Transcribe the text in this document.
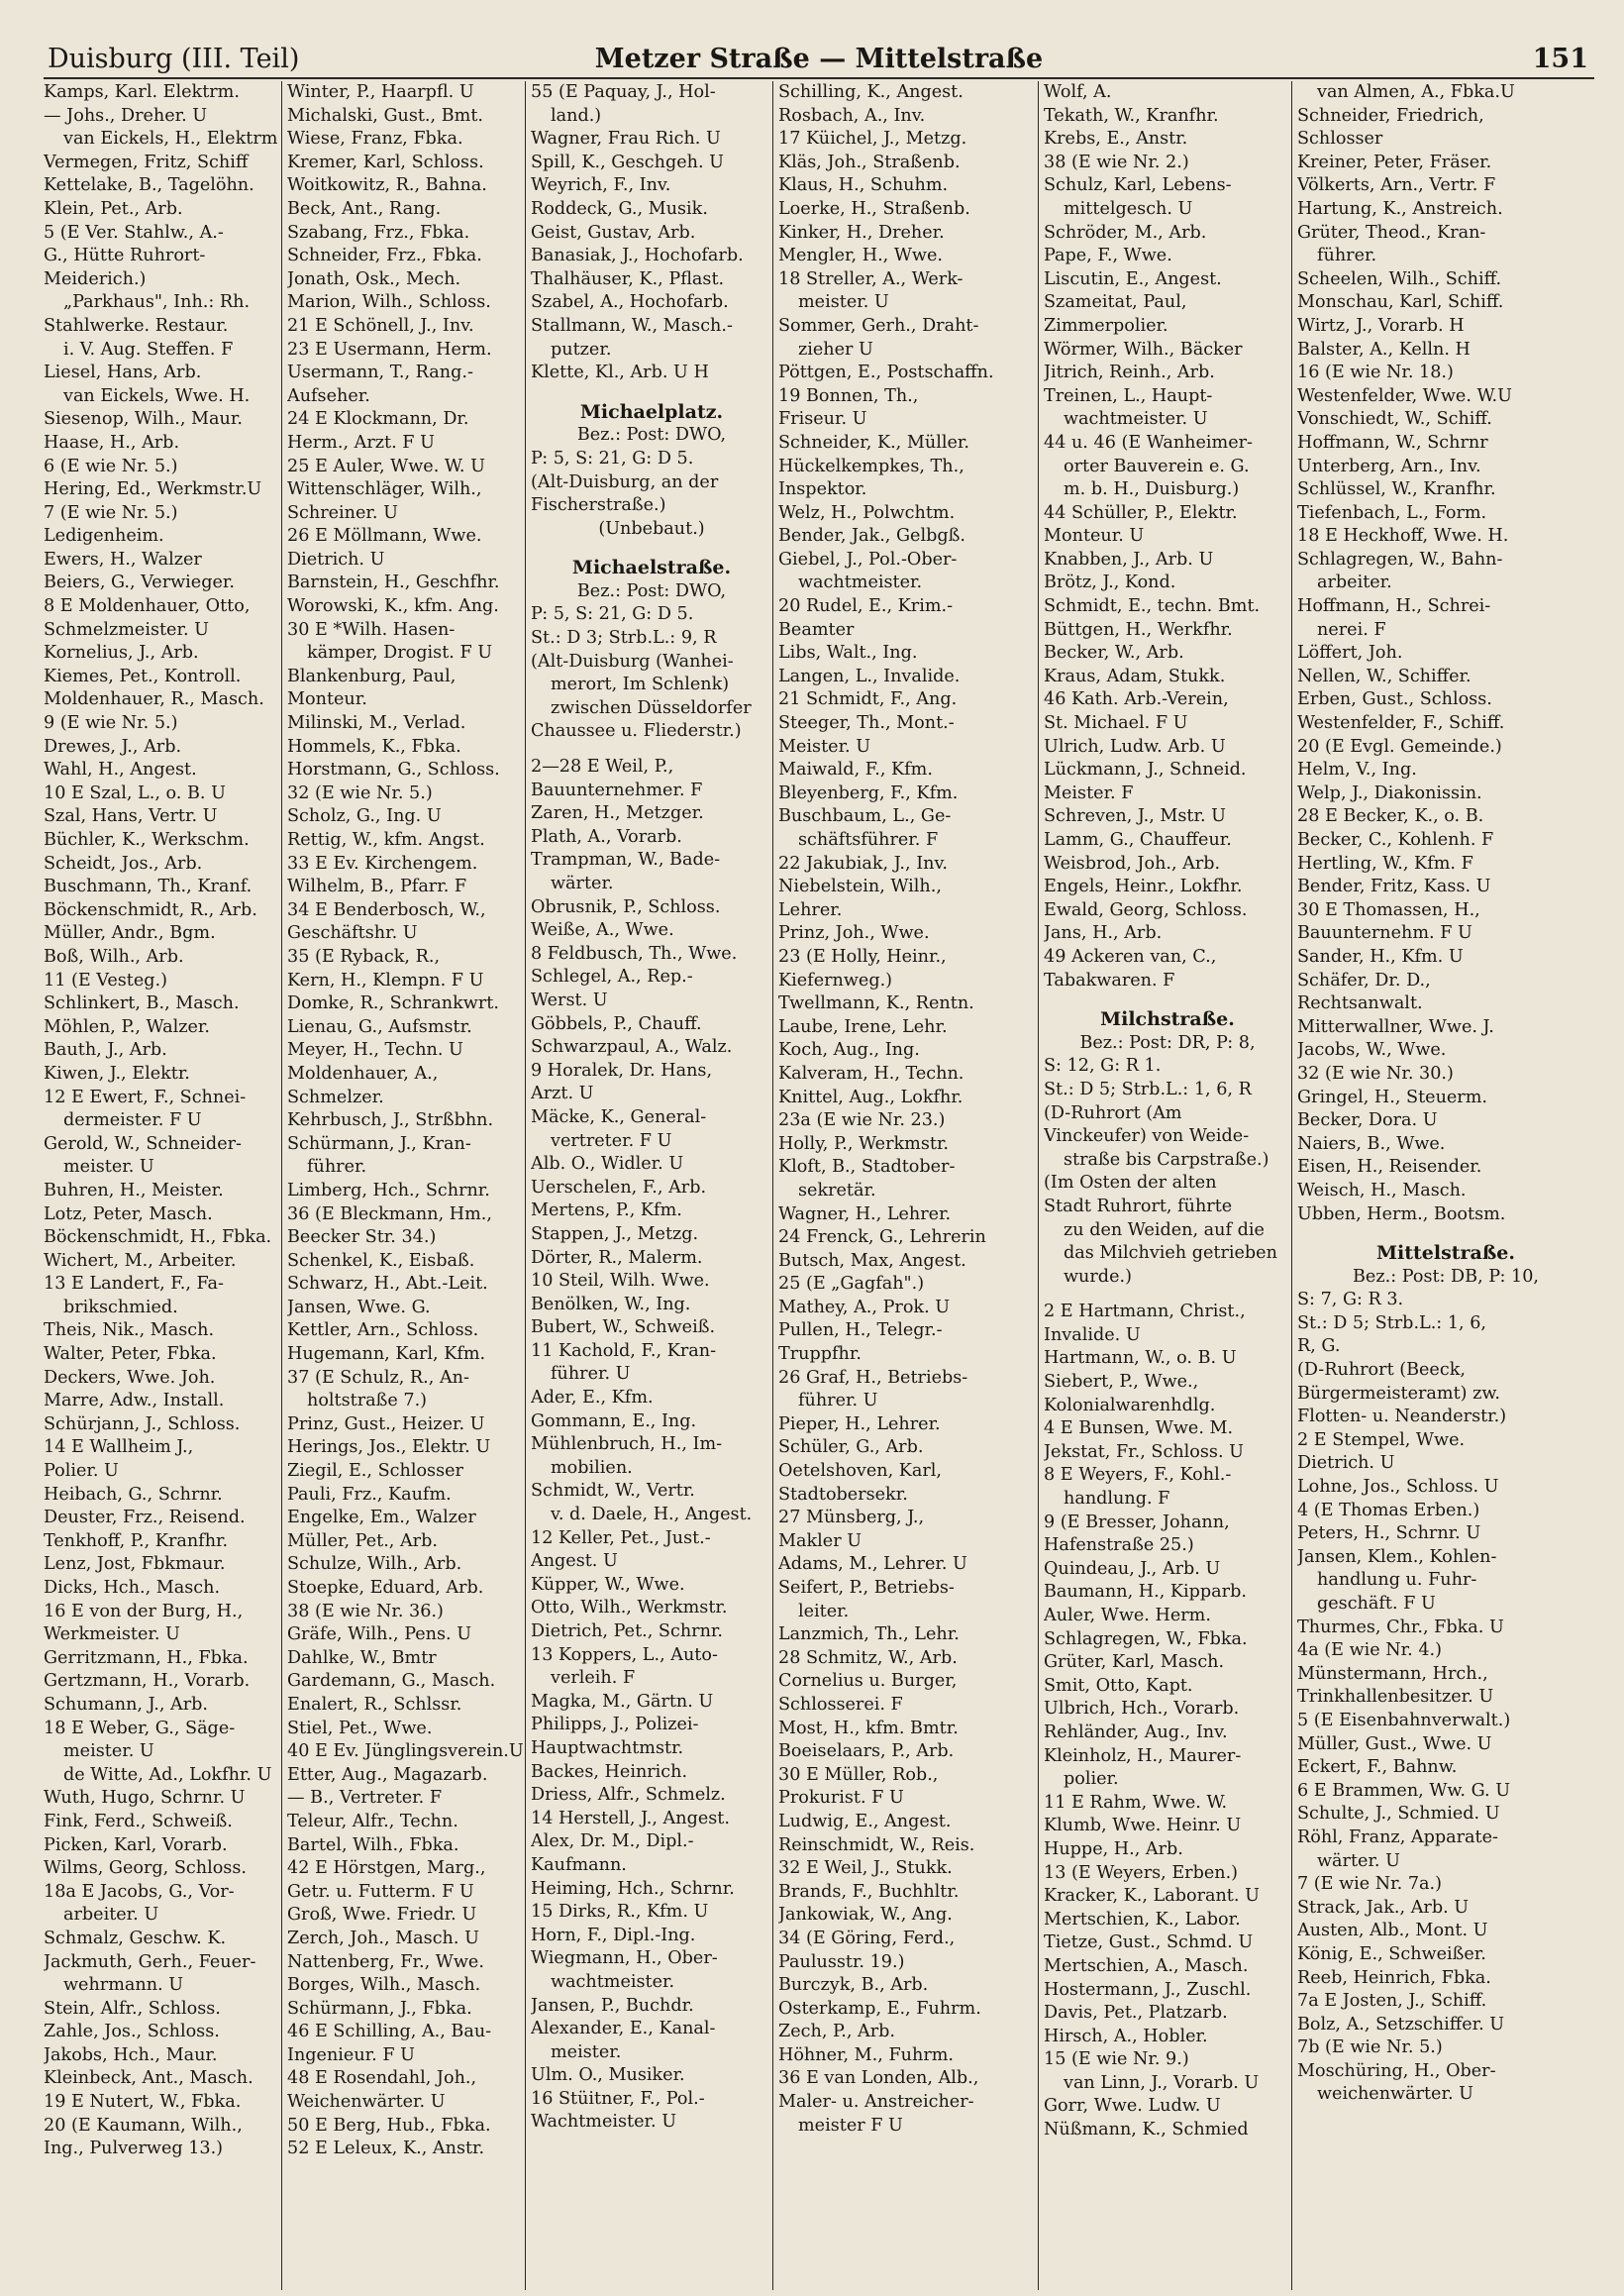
Duisburg (III. Teil)	Metzer Straße — Mittelstraße	151
Kamps, Karl. Elektrm.
— Johs., Dreher. U
van Eickels, H., Elektrm
Vermegen, Fritz, Schiff
Kettelake, B., Tagelöhn.
Klein, Pet., Arb.
5 (E Ver. Stahlw., A.-
G., Hütte Ruhrort-
Meiderich.)
„Parkhaus", Inh.: Rh.
Stahlwerke. Restaur.
i. V. Aug. Steffen. F
Liesel, Hans, Arb.
van Eickels, Wwe. H.
Siesenop, Wilh., Maur.
Haase, H., Arb.
6 (E wie Nr. 5.)
Hering, Ed., Werkmstr.U
7 (E wie Nr. 5.)
Ledigenheim.
Ewers, H., Walzer
Beiers, G., Verwieger.
8 E Moldenhauer, Otto,
Schmelzmeister. U
Kornelius, J., Arb.
Kiemes, Pet., Kontroll.
Moldenhauer, R., Masch.
9 (E wie Nr. 5.)
Drewes, J., Arb.
Wahl, H., Angest.
10 E Szal, L., o. B. U
Szal, Hans, Vertr. U
Büchler, K., Werkschm.
Scheidt, Jos., Arb.
Buschmann, Th., Kranf.
Böckenschmidt, R., Arb.
Müller, Andr., Bgm.
Boß, Wilh., Arb.
11 (E Vesteg.)
Schlinkert, B., Masch.
Möhlen, P., Walzer.
Bauth, J., Arb.
Kiwen, J., Elektr.
12 E Ewert, F., Schnei-
dermeister. F U
Gerold, W., Schneider-
meister. U
Buhren, H., Meister.
Lotz, Peter, Masch.
Böckenschmidt, H., Fbka.
Wichert, M., Arbeiter.
13 E Landert, F., Fa-
brikschmied.
Theis, Nik., Masch.
Walter, Peter, Fbka.
Deckers, Wwe. Joh.
Marre, Adw., Install.
Schürjann, J., Schloss.
14 E Wallheim J.,
Polier. U
Heibach, G., Schrnr.
Deuster, Frz., Reisend.
Tenkhoff, P., Kranfhr.
Lenz, Jost, Fbkmaur.
Dicks, Hch., Masch.
16 E von der Burg, H.,
Werkmeister. U
Gerritzmann, H., Fbka.
Gertzmann, H., Vorarb.
Schumann, J., Arb.
18 E Weber, G., Säge-
meister. U
de Witte, Ad., Lokfhr. U
Wuth, Hugo, Schrnr. U
Fink, Ferd., Schweiß.
Picken, Karl, Vorarb.
Wilms, Georg, Schloss.
18a E Jacobs, G., Vor-
arbeiter. U
Schmalz, Geschw. K.
Jackmuth, Gerh., Feuer-
wehrmann. U
Stein, Alfr., Schloss.
Zahle, Jos., Schloss.
Jakobs, Hch., Maur.
Kleinbeck, Ant., Masch.
19 E Nutert, W., Fbka.
20 (E Kaumann, Wilh.,
Ing., Pulverweg 13.)
Winter, P., Haarpfl. U
Michalski, Gust., Bmt.
Wiese, Franz, Fbka.
Kremer, Karl, Schloss.
Woitkowitz, R., Bahna.
Beck, Ant., Rang.
Szabang, Frz., Fbka.
Schneider, Frz., Fbka.
Jonath, Osk., Mech.
Marion, Wilh., Schloss.
21 E Schönell, J., Inv.
23 E Usermann, Herm.
Usermann, T., Rang.-
Aufseher.
24 E Klockmann, Dr.
Herm., Arzt. F U
25 E Auler, Wwe. W. U
Wittenschläger, Wilh.,
Schreiner. U
26 E Möllmann, Wwe.
Dietrich. U
Barnstein, H., Geschfhr.
Worowski, K., kfm. Ang.
30 E *Wilh. Hasen-
kämper, Drogist. F U
Blankenburg, Paul,
Monteur.
Milinski, M., Verlad.
Hommels, K., Fbka.
Horstmann, G., Schloss.
32 (E wie Nr. 5.)
Scholz, G., Ing. U
Rettig, W., kfm. Angst.
33 E Ev. Kirchengem.
Wilhelm, B., Pfarr. F
34 E Benderbosch, W.,
Geschäftshr. U
35 (E Ryback, R.,
Kern, H., Klempn. F U
Domke, R., Schrankwrt.
Lienau, G., Aufsmstr.
Meyer, H., Techn. U
Moldenhauer, A.,
Schmelzer.
Kehrbusch, J., Strßbhn.
Schürmann, J., Kran-
führer.
Limberg, Hch., Schrnr.
36 (E Bleckmann, Hm.,
Beecker Str. 34.)
Schenkel, K., Eisbaß.
Schwarz, H., Abt.-Leit.
Jansen, Wwe. G.
Kettler, Arn., Schloss.
Hugemann, Karl, Kfm.
37 (E Schulz, R., An-
holtstraße 7.)
Prinz, Gust., Heizer. U
Herings, Jos., Elektr. U
Ziegil, E., Schlosser
Pauli, Frz., Kaufm.
Engelke, Em., Walzer
Müller, Pet., Arb.
Schulze, Wilh., Arb.
Stoepke, Eduard, Arb.
38 (E wie Nr. 36.)
Gräfe, Wilh., Pens. U
Dahlke, W., Bmtr
Gardemann, G., Masch.
Enalert, R., Schlssr.
Stiel, Pet., Wwe.
40 E Ev. Jünglingsverein.U
Etter, Aug., Magazarb.
— B., Vertreter. F
Teleur, Alfr., Techn.
Bartel, Wilh., Fbka.
42 E Hörstgen, Marg.,
Getr. u. Futterm. F U
Groß, Wwe. Friedr. U
Zerch, Joh., Masch. U
Nattenberg, Fr., Wwe.
Borges, Wilh., Masch.
Schürmann, J., Fbka.
46 E Schilling, A., Bau-
Ingenieur. F U
48 E Rosendahl, Joh.,
Weichenwärter. U
50 E Berg, Hub., Fbka.
52 E Leleux, K., Anstr.
55 (E Paquay, J., Hol-
land.)
Wagner, Frau Rich. U
Spill, K., Geschgeh. U
Weyrich, F., Inv.
Roddeck, G., Musik.
Geist, Gustav, Arb.
Banasiak, J., Hochofarb.
Thalhäuser, K., Pflast.
Szabel, A., Hochofarb.
Stallmann, W., Masch.-
putzer.
Klette, Kl., Arb. U H
Michaelplatz.
Bez.: Post: DWO,
P: 5, S: 21, G: D 5.
(Alt-Duisburg, an der
Fischerstraße.)
(Unbebaut.)
Michaelstraße.
Bez.: Post: DWO,
P: 5, S: 21, G: D 5.
St.: D 3; Strb.L.: 9, R
(Alt-Duisburg (Wanhei-
merort, Im Schlenk)
zwischen Düsseldorfer
Chaussee u. Fliederstr.)
2—28 E Weil, P.,
Bauunternehmer. F
Zaren, H., Metzger.
Plath, A., Vorarb.
Trampman, W., Bade-
wärter.
Obrusnik, P., Schloss.
Weiße, A., Wwe.
8 Feldbusch, Th., Wwe.
Schlegel, A., Rep.-
Werst. U
Göbbels, P., Chauff.
Schwarzpaul, A., Walz.
9 Horalek, Dr. Hans,
Arzt. U
Mäcke, K., General-
vertreter. F U
Alb. O., Widler. U
Uerschelen, F., Arb.
Mertens, P., Kfm.
Stappen, J., Metzg.
Dörter, R., Malerm.
10 Steil, Wilh. Wwe.
Benölken, W., Ing.
Bubert, W., Schweiß.
11 Kachold, F., Kran-
führer. U
Ader, E., Kfm.
Gommann, E., Ing.
Mühlenbruch, H., Im-
mobilien.
Schmidt, W., Vertr.
v. d. Daele, H., Angest.
12 Keller, Pet., Just.-
Angest. U
Küpper, W., Wwe.
Otto, Wilh., Werkmstr.
Dietrich, Pet., Schrnr.
13 Koppers, L., Auto-
verleih. F
Magka, M., Gärtn. U
Philipps, J., Polizei-
Hauptwachtmstr.
Backes, Heinrich.
Driess, Alfr., Schmelz.
14 Herstell, J., Angest.
Alex, Dr. M., Dipl.-
Kaufmann.
Heiming, Hch., Schrnr.
15 Dirks, R., Kfm. U
Horn, F., Dipl.-Ing.
Wiegmann, H., Ober-
wachtmeister.
Jansen, P., Buchdr.
Alexander, E., Kanal-
meister.
Ulm. O., Musiker.
16 Stüitner, F., Pol.-
Wachtmeister. U
Schilling, K., Angest.
Rosbach, A., Inv.
17 Küichel, J., Metzg.
Kläs, Joh., Straßenb.
Klaus, H., Schuhm.
Loerke, H., Straßenb.
Kinker, H., Dreher.
Mengler, H., Wwe.
18 Streller, A., Werk-
meister. U
Sommer, Gerh., Draht-
zieher U
Pöttgen, E., Postschaffn.
19 Bonnen, Th.,
Friseur. U
Schneider, K., Müller.
Hückelkempkes, Th.,
Inspektor.
Welz, H., Polwchtm.
Bender, Jak., Gelbgß.
Giebel, J., Pol.-Ober-
wachtmeister.
20 Rudel, E., Krim.-
Beamter
Libs, Walt., Ing.
Langen, L., Invalide.
21 Schmidt, F., Ang.
Steeger, Th., Mont.-
Meister. U
Maiwald, F., Kfm.
Bleyenberg, F., Kfm.
Buschbaum, L., Ge-
schäftsführer. F
22 Jakubiak, J., Inv.
Niebelstein, Wilh.,
Lehrer.
Prinz, Joh., Wwe.
23 (E Holly, Heinr.,
Kiefernweg.)
Twellmann, K., Rentn.
Laube, Irene, Lehr.
Koch, Aug., Ing.
Kalveram, H., Techn.
Knittel, Aug., Lokfhr.
23a (E wie Nr. 23.)
Holly, P., Werkmstr.
Kloft, B., Stadtober-
sekretär.
Wagner, H., Lehrer.
24 Frenck, G., Lehrerin
Butsch, Max, Angest.
25 (E „Gagfah".)
Mathey, A., Prok. U
Pullen, H., Telegr.-
Truppfhr.
26 Graf, H., Betriebs-
führer. U
Pieper, H., Lehrer.
Schüler, G., Arb.
Oetelshoven, Karl,
Stadtobersekr.
27 Münsberg, J.,
Makler U
Adams, M., Lehrer. U
Seifert, P., Betriebs-
leiter.
Lanzmich, Th., Lehr.
28 Schmitz, W., Arb.
Cornelius u. Burger,
Schlosserei. F
Most, H., kfm. Bmtr.
Boeiselaars, P., Arb.
30 E Müller, Rob.,
Prokurist. F U
Ludwig, E., Angest.
Reinschmidt, W., Reis.
32 E Weil, J., Stukk.
Brands, F., Buchhltr.
Jankowiak, W., Ang.
34 (E Göring, Ferd.,
Paulusstr. 19.)
Burczyk, B., Arb.
Osterkamp, E., Fuhrm.
Zech, P., Arb.
Höhner, M., Fuhrm.
36 E van Londen, Alb.,
Maler- u. Anstreicher-
meister F U
Wolf, A.
Tekath, W., Kranfhr.
Krebs, E., Anstr.
38 (E wie Nr. 2.)
Schulz, Karl, Lebens-
mittelgesch. U
Schröder, M., Arb.
Pape, F., Wwe.
Liscutin, E., Angest.
Szameitat, Paul,
Zimmerpolier.
Wörmer, Wilh., Bäcker
Jitrich, Reinh., Arb.
Treinen, L., Haupt-
wachtmeister. U
44 u. 46 (E Wanheimer-
orter Bauverein e. G.
m. b. H., Duisburg.)
44 Schüller, P., Elektr.
Monteur. U
Knabben, J., Arb. U
Brötz, J., Kond.
Schmidt, E., techn. Bmt.
Büttgen, H., Werkfhr.
Becker, W., Arb.
Kraus, Adam, Stukk.
46 Kath. Arb.-Verein,
St. Michael. F U
Ulrich, Ludw. Arb. U
Lückmann, J., Schneid.
Meister. F
Schreven, J., Mstr. U
Lamm, G., Chauffeur.
Weisbrod, Joh., Arb.
Engels, Heinr., Lokfhr.
Ewald, Georg, Schloss.
Jans, H., Arb.
49 Ackeren van, C.,
Tabakwaren. F
Milchstraße.
Bez.: Post: DR, P: 8,
S: 12, G: R 1.
St.: D 5; Strb.L.: 1, 6, R
(D-Ruhrort (Am
Vinckeufer) von Weide-
straße bis Carpstraße.)
(Im Osten der alten
Stadt Ruhrort, führte
zu den Weiden, auf die
das Milchvieh getrieben
wurde.)
2 E Hartmann, Christ.,
Invalide. U
Hartmann, W., o. B. U
Siebert, P., Wwe.,
Kolonialwarenhdlg.
4 E Bunsen, Wwe. M.
Jekstat, Fr., Schloss. U
8 E Weyers, F., Kohl.-
handlung. F
9 (E Bresser, Johann,
Hafenstraße 25.)
Quindeau, J., Arb. U
Baumann, H., Kipparb.
Auler, Wwe. Herm.
Schlagregen, W., Fbka.
Grüter, Karl, Masch.
Smit, Otto, Kapt.
Ulbrich, Hch., Vorarb.
Rehländer, Aug., Inv.
Kleinholz, H., Maurer-
polier.
11 E Rahm, Wwe. W.
Klumb, Wwe. Heinr. U
Huppe, H., Arb.
13 (E Weyers, Erben.)
Kracker, K., Laborant. U
Mertschien, K., Labor.
Tietze, Gust., Schmd. U
Mertschien, A., Masch.
Hostermann, J., Zuschl.
Davis, Pet., Platzarb.
Hirsch, A., Hobler.
15 (E wie Nr. 9.)
van Linn, J., Vorarb. U
Gorr, Wwe. Ludw. U
Nüßmann, K., Schmied
van Almen, A., Fbka.U
Schneider, Friedrich,
Schlosser
Kreiner, Peter, Fräser.
Völkerts, Arn., Vertr. F
Hartung, K., Anstreich.
Grüter, Theod., Kran-
führer.
Scheelen, Wilh., Schiff.
Monschau, Karl, Schiff.
Wirtz, J., Vorarb. H
Balster, A., Kelln. H
16 (E wie Nr. 18.)
Westenfelder, Wwe. W.U
Vonschiedt, W., Schiff.
Hoffmann, W., Schrnr
Unterberg, Arn., Inv.
Schlüssel, W., Kranfhr.
Tiefenbach, L., Form.
18 E Heckhoff, Wwe. H.
Schlagregen, W., Bahn-
arbeiter.
Hoffmann, H., Schrei-
nerei. F
Löffert, Joh.
Nellen, W., Schiffer.
Erben, Gust., Schloss.
Westenfelder, F., Schiff.
20 (E Evgl. Gemeinde.)
Helm, V., Ing.
Welp, J., Diakonissin.
28 E Becker, K., o. B.
Becker, C., Kohlenh. F
Hertling, W., Kfm. F
Bender, Fritz, Kass. U
30 E Thomassen, H.,
Bauunternehm. F U
Sander, H., Kfm. U
Schäfer, Dr. D.,
Rechtsanwalt.
Mitterwallner, Wwe. J.
Jacobs, W., Wwe.
32 (E wie Nr. 30.)
Gringel, H., Steuerm.
Becker, Dora. U
Naiers, B., Wwe.
Eisen, H., Reisender.
Weisch, H., Masch.
Ubben, Herm., Bootsm.
Mittelstraße.
Bez.: Post: DB, P: 10,
S: 7, G: R 3.
St.: D 5; Strb.L.: 1, 6,
R, G.
(D-Ruhrort (Beeck,
Bürgermeisteramt) zw.
Flotten- u. Neanderstr.)
2 E Stempel, Wwe.
Dietrich. U
Lohne, Jos., Schloss. U
4 (E Thomas Erben.)
Peters, H., Schrnr. U
Jansen, Klem., Kohlen-
handlung u. Fuhr-
geschäft. F U
Thurmes, Chr., Fbka. U
4a (E wie Nr. 4.)
Münstermann, Hrch.,
Trinkhallenbesitzer. U
5 (E Eisenbahnverwalt.)
Müller, Gust., Wwe. U
Eckert, F., Bahnw.
6 E Brammen, Ww. G. U
Schulte, J., Schmied. U
Röhl, Franz, Apparate-
wärter. U
7 (E wie Nr. 7a.)
Strack, Jak., Arb. U
Austen, Alb., Mont. U
König, E., Schweißer.
Reeb, Heinrich, Fbka.
7a E Josten, J., Schiff.
Bolz, A., Setzschiffer. U
7b (E wie Nr. 5.)
Moschüring, H., Ober-
weichenwärter. U
